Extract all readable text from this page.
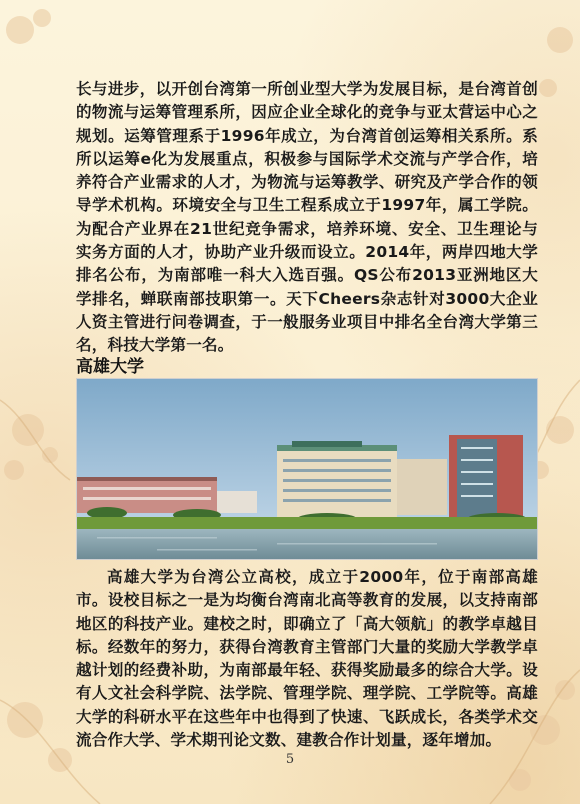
长与进步，以开创台湾第一所创业型大学为发展目标，是台湾首创的物流与运筹管理系所，因应企业全球化的竞争与亚太营运中心之规划。运筹管理系于1996年成立，为台湾首创运筹相关系所。系所以运筹e化为发展重点，积极参与国际学术交流与产学合作，培养符合产业需求的人才，为物流与运筹教学、研究及产学合作的领导学术机构。环境安全与卫生工程系成立于1997年，属工学院。为配合产业界在21世纪竞争需求，培养环境、安全、卫生理论与实务方面的人才，协助产业升级而设立。2014年，两岸四地大学排名公布，为南部唯一科大入选百强。QS公布2013亚洲地区大学排名，蝉联南部技职第一。天下Cheers杂志针对3000大企业人资主管进行问卷调查，于一般服务业项目中排名全台湾大学第三名，科技大学第一名。
高雄大学
高雄大学为台湾公立高校，成立于2000年，位于南部高雄市。设校目标之一是为均衡台湾南北高等教育的发展，以支持南部地区的科技产业。建校之时，即确立了「高大领航」的教学卓越目标。经数年的努力，获得台湾教育主管部门大量的奖励大学教学卓越计划的经费补助，为南部最年轻、获得奖励最多的综合大学。设有人文社会科学院、法学院、管理学院、理学院、工学院等。高雄大学的科研水平在这些年中也得到了快速、飞跃成长，各类学术交流合作大学、学术期刊论文数、建教合作计划量，逐年增加。
5
